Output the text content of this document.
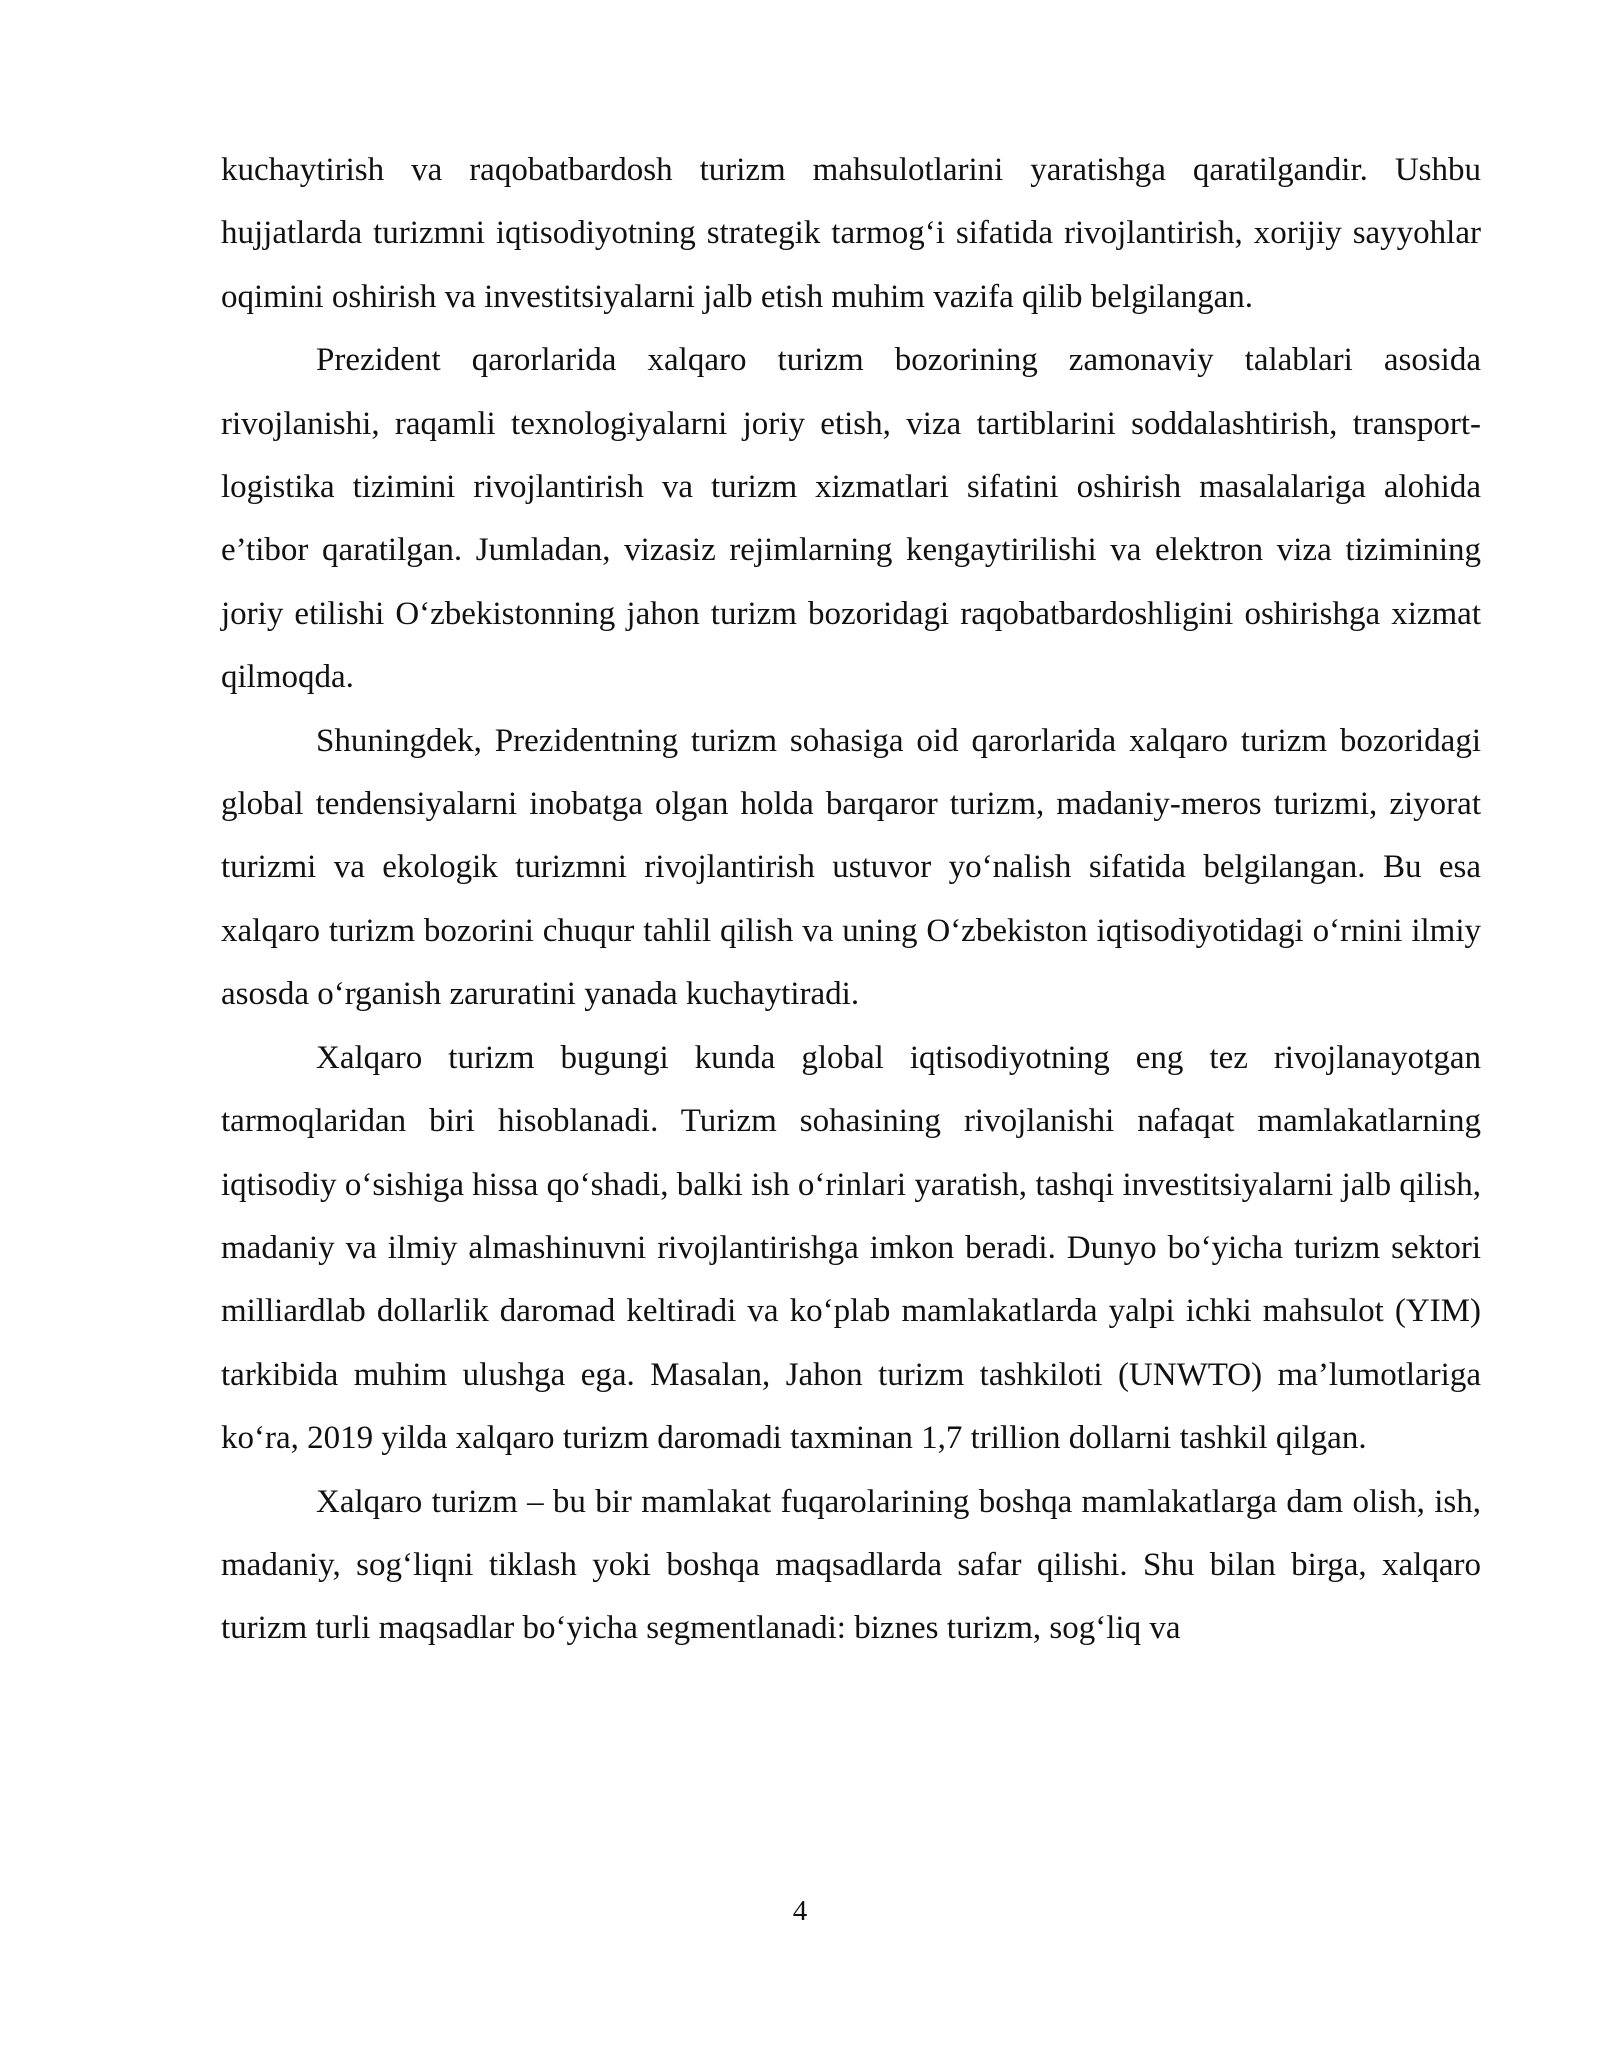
kuchaytirish va raqobatbardosh turizm mahsulotlarini yaratishga qaratilgandir. Ushbu hujjatlarda turizmni iqtisodiyotning strategik tarmog‘i sifatida rivojlantirish, xorijiy sayyohlar oqimini oshirish va investitsiyalarni jalb etish muhim vazifa qilib belgilangan.

Prezident qarorlarida xalqaro turizm bozorining zamonaviy talablari asosida rivojlanishi, raqamli texnologiyalarni joriy etish, viza tartiblarini soddalashtirish, transport-logistika tizimini rivojlantirish va turizm xizmatlari sifatini oshirish masalalariga alohida e’tibor qaratilgan. Jumladan, vizasiz rejimlarning kengaytirilishi va elektron viza tizimining joriy etilishi O‘zbekistonning jahon turizm bozoridagi raqobatbardoshligini oshirishga xizmat qilmoqda.

Shuningdek, Prezidentning turizm sohasiga oid qarorlarida xalqaro turizm bozoridagi global tendensiyalarni inobatga olgan holda barqaror turizm, madaniy-meros turizmi, ziyorat turizmi va ekologik turizmni rivojlantirish ustuvor yo‘nalish sifatida belgilangan. Bu esa xalqaro turizm bozorini chuqur tahlil qilish va uning O‘zbekiston iqtisodiyotidagi o‘rnini ilmiy asosda o‘rganish zaruratini yanada kuchaytiradi.

Xalqaro turizm bugungi kunda global iqtisodiyotning eng tez rivojlanayotgan tarmoqlaridan biri hisoblanadi. Turizm sohasining rivojlanishi nafaqat mamlakatlarning iqtisodiy o‘sishiga hissa qo‘shadi, balki ish o‘rinlari yaratish, tashqi investitsiyalarni jalb qilish, madaniy va ilmiy almashinuvni rivojlantirishga imkon beradi. Dunyo bo‘yicha turizm sektori milliardlab dollarlik daromad keltiradi va ko‘plab mamlakatlarda yalpi ichki mahsulot (YIM) tarkibida muhim ulushga ega. Masalan, Jahon turizm tashkiloti (UNWTO) ma’lumotlariga ko‘ra, 2019 yilda xalqaro turizm daromadi taxminan 1,7 trillion dollarni tashkil qilgan.

Xalqaro turizm – bu bir mamlakat fuqarolarining boshqa mamlakatlarga dam olish, ish, madaniy, sog‘liqni tiklash yoki boshqa maqsadlarda safar qilishi. Shu bilan birga, xalqaro turizm turli maqsadlar bo‘yicha segmentlanadi: biznes turizm, sog‘liq va

4
